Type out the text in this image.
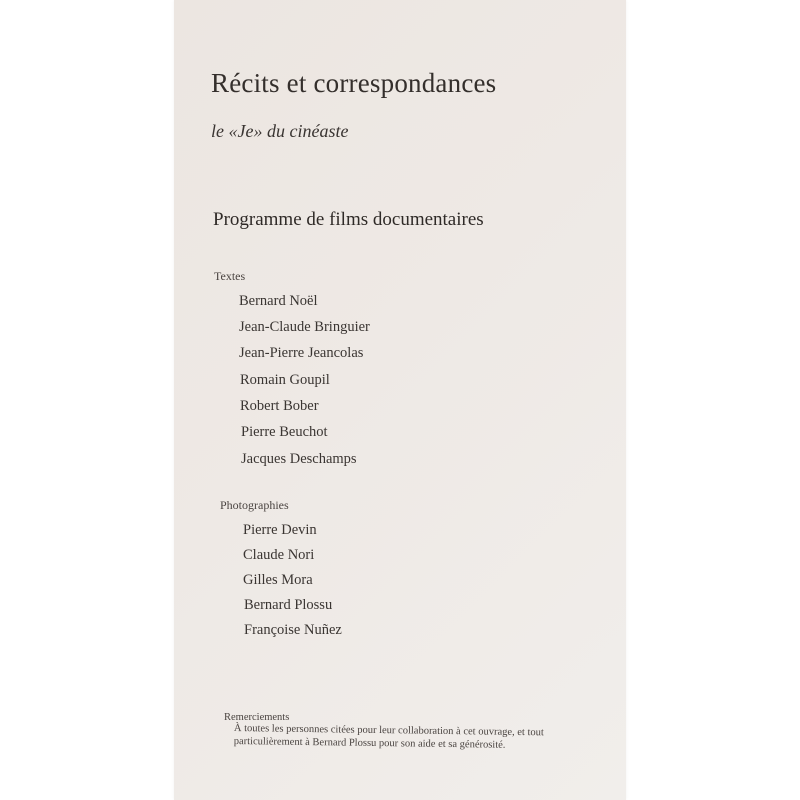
Récits et correspondances
le «Je» du cinéaste
Programme de films documentaires
Textes
Bernard Noël
Jean-Claude Bringuier
Jean-Pierre Jeancolas
Romain Goupil
Robert Bober
Pierre Beuchot
Jacques Deschamps
Photographies
Pierre Devin
Claude Nori
Gilles Mora
Bernard Plossu
Françoise Nuñez
Remerciements
À toutes les personnes citées pour leur collaboration à cet ouvrage, et tout particulièrement à Bernard Plossu pour son aide et sa générosité.
